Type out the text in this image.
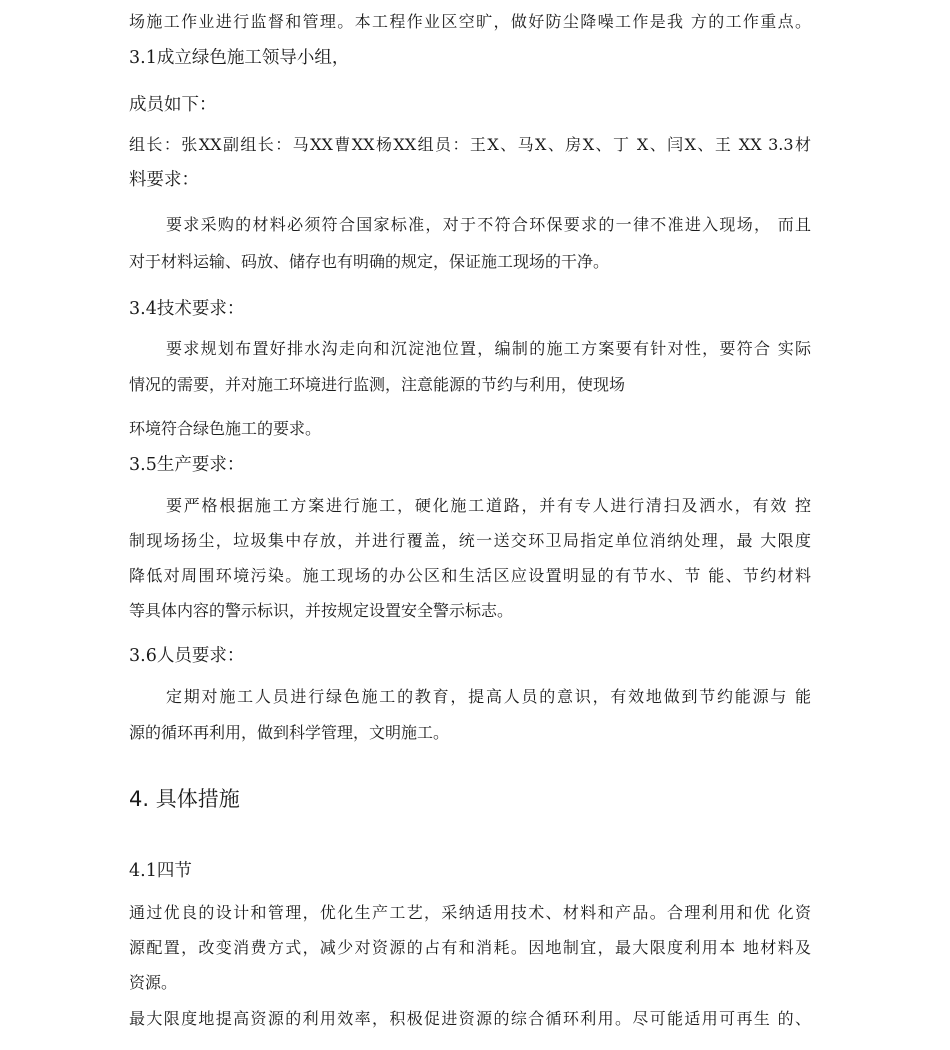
场施工作业进行监督和管理。本工程作业区空旷，做好防尘降噪工作是我 方的工作重点。
3.1成立绿色施工领导小组，
成员如下：
组长：张XX副组长：马XX曹XX杨XX组员：王X、马X、房X、丁 X、闫X、王 XX 3.3材
料要求：
要求采购的材料必须符合国家标准，对于不符合环保要求的一律不准进入现场， 而且
对于材料运输、码放、储存也有明确的规定，保证施工现场的干净。
3.4技术要求：
要求规划布置好排水沟走向和沉淀池位置，编制的施工方案要有针对性，要符合 实际
情况的需要，并对施工环境进行监测，注意能源的节约与利用，使现场
环境符合绿色施工的要求。
3.5生产要求：
要严格根据施工方案进行施工，硬化施工道路，并有专人进行清扫及洒水，有效 控
制现场扬尘，垃圾集中存放，并进行覆盖，统一送交环卫局指定单位消纳处理，最 大限度
降低对周围环境污染。施工现场的办公区和生活区应设置明显的有节水、节 能、节约材料
等具体内容的警示标识，并按规定设置安全警示标志。
3.6人员要求：
定期对施工人员进行绿色施工的教育，提高人员的意识，有效地做到节约能源与 能
源的循环再利用，做到科学管理，文明施工。
4. 具体措施
4.1四节
通过优良的设计和管理，优化生产工艺，采纳适用技术、材料和产品。合理利用和优 化资
源配置，改变消费方式，减少对资源的占有和消耗。因地制宜，最大限度利用本 地材料及
资源。
最大限度地提高资源的利用效率，积极促进资源的综合循环利用。尽可能适用可再生 的、
